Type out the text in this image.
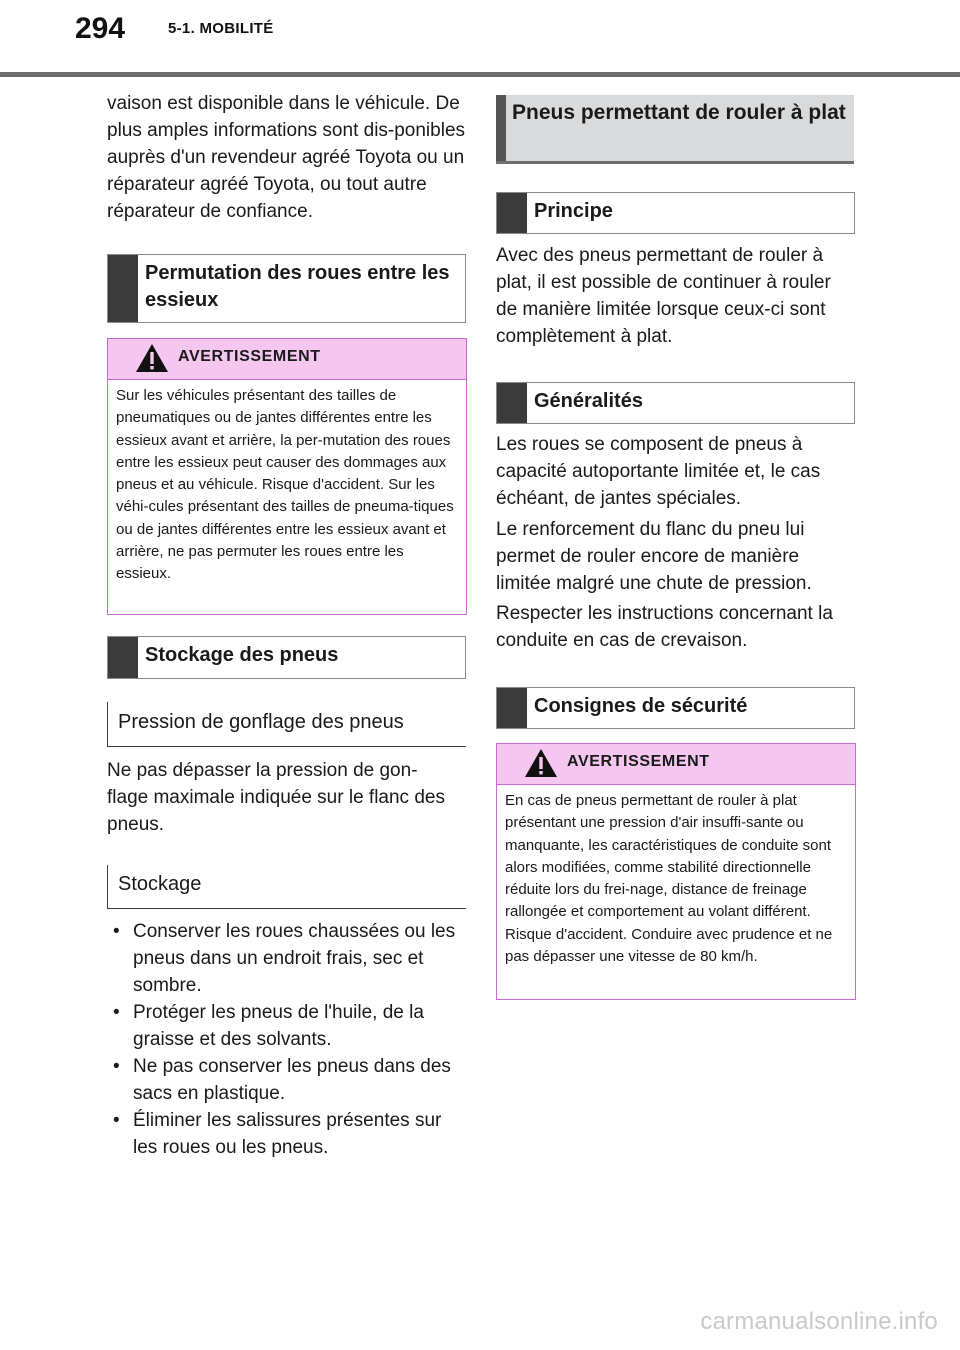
294	5-1. MOBILITÉ
vaison est disponible dans le véhicule. De plus amples informations sont dis-ponibles auprès d'un revendeur agréé Toyota ou un réparateur agréé Toyota, ou tout autre réparateur de confiance.
Permutation des roues entre les essieux
AVERTISSEMENT
Sur les véhicules présentant des tailles de pneumatiques ou de jantes différentes entre les essieux avant et arrière, la per-mutation des roues entre les essieux peut causer des dommages aux pneus et au véhicule. Risque d'accident. Sur les véhi-cules présentant des tailles de pneuma-tiques ou de jantes différentes entre les essieux avant et arrière, ne pas permuter les roues entre les essieux.
Stockage des pneus
Pression de gonflage des pneus
Ne pas dépasser la pression de gon-flage maximale indiquée sur le flanc des pneus.
Stockage
• Conserver les roues chaussées ou les pneus dans un endroit frais, sec et sombre.
• Protéger les pneus de l'huile, de la graisse et des solvants.
• Ne pas conserver les pneus dans des sacs en plastique.
• Éliminer les salissures présentes sur les roues ou les pneus.
Pneus permettant de rouler à plat
Principe
Avec des pneus permettant de rouler à plat, il est possible de continuer à rouler de manière limitée lorsque ceux-ci sont complètement à plat.
Généralités
Les roues se composent de pneus à capacité autoportante limitée et, le cas échéant, de jantes spéciales.
Le renforcement du flanc du pneu lui permet de rouler encore de manière limitée malgré une chute de pression.
Respecter les instructions concernant la conduite en cas de crevaison.
Consignes de sécurité
AVERTISSEMENT
En cas de pneus permettant de rouler à plat présentant une pression d'air insuffi-sante ou manquante, les caractéristiques de conduite sont alors modifiées, comme stabilité directionnelle réduite lors du frei-nage, distance de freinage rallongée et comportement au volant différent. Risque d'accident. Conduire avec prudence et ne pas dépasser une vitesse de 80 km/h.
carmanualsonline.info
